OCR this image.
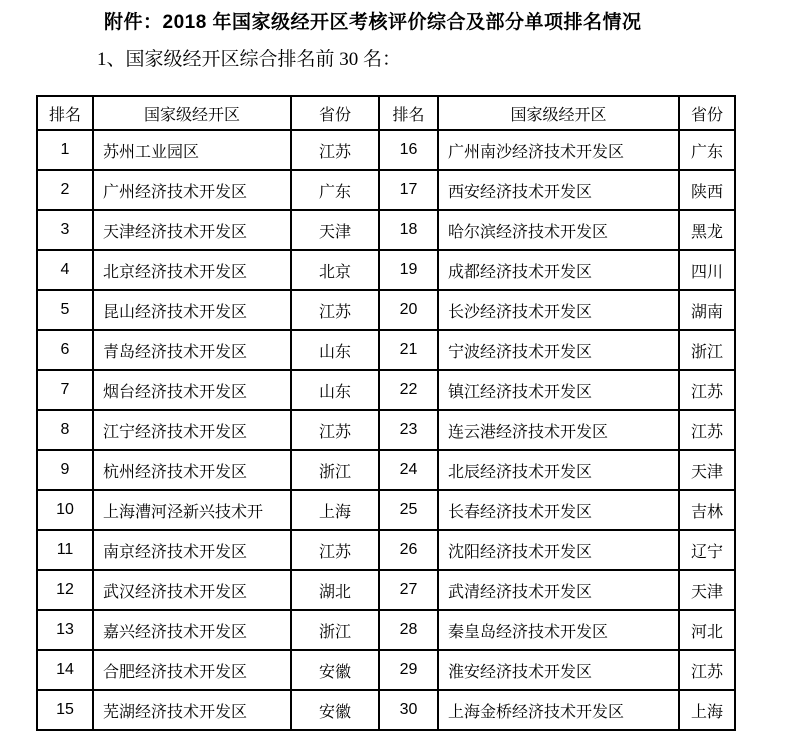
附件：2018 年国家级经开区考核评价综合及部分单项排名情况
1、国家级经开区综合排名前 30 名：
排名	国家级经开区	省份	排名	国家级经开区	省份
1	苏州工业园区	江苏	16	广州南沙经济技术开发区	广东
2	广州经济技术开发区	广东	17	西安经济技术开发区	陕西
3	天津经济技术开发区	天津	18	哈尔滨经济技术开发区	黑龙
4	北京经济技术开发区	北京	19	成都经济技术开发区	四川
5	昆山经济技术开发区	江苏	20	长沙经济技术开发区	湖南
6	青岛经济技术开发区	山东	21	宁波经济技术开发区	浙江
7	烟台经济技术开发区	山东	22	镇江经济技术开发区	江苏
8	江宁经济技术开发区	江苏	23	连云港经济技术开发区	江苏
9	杭州经济技术开发区	浙江	24	北辰经济技术开发区	天津
10	上海漕河泾新兴技术开	上海	25	长春经济技术开发区	吉林
11	南京经济技术开发区	江苏	26	沈阳经济技术开发区	辽宁
12	武汉经济技术开发区	湖北	27	武清经济技术开发区	天津
13	嘉兴经济技术开发区	浙江	28	秦皇岛经济技术开发区	河北
14	合肥经济技术开发区	安徽	29	淮安经济技术开发区	江苏
15	芜湖经济技术开发区	安徽	30	上海金桥经济技术开发区	上海
